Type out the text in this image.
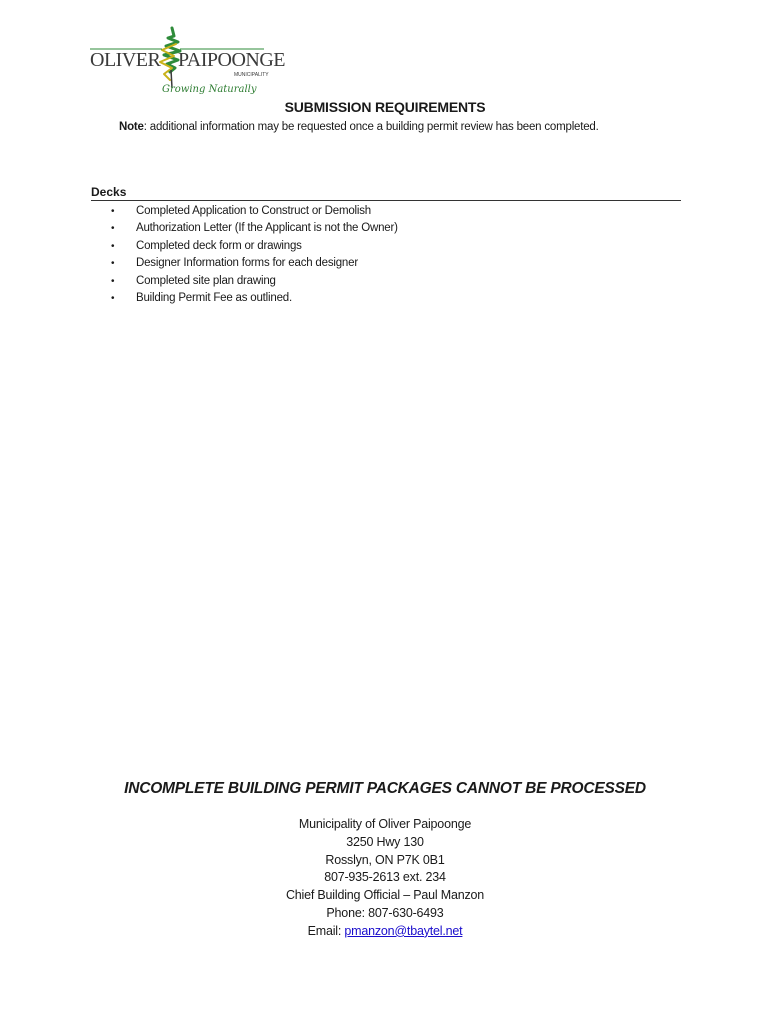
OLIVER PAIPOONGE
MUNICIPALITY
Growing Naturally
SUBMISSION REQUIREMENTS
Note: additional information may be requested once a building permit review has been completed.
Decks
• Completed Application to Construct or Demolish
• Authorization Letter (If the Applicant is not the Owner)
• Completed deck form or drawings
• Designer Information forms for each designer
• Completed site plan drawing
• Building Permit Fee as outlined.
INCOMPLETE BUILDING PERMIT PACKAGES CANNOT BE PROCESSED
Municipality of Oliver Paipoonge
3250 Hwy 130
Rosslyn, ON P7K 0B1
807-935-2613 ext. 234
Chief Building Official – Paul Manzon
Phone: 807-630-6493
Email: pmanzon@tbaytel.net
